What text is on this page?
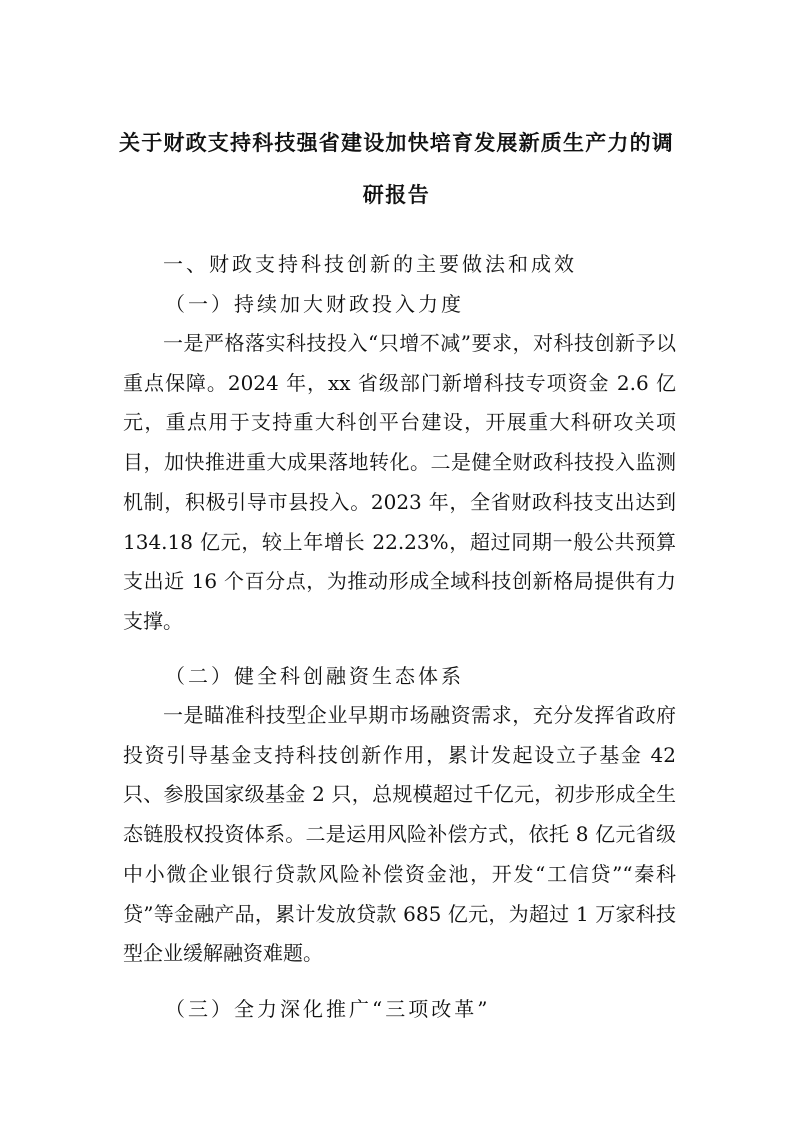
关于财政支持科技强省建设加快培育发展新质生产力的调
研报告

一、财政支持科技创新的主要做法和成效

（一）持续加大财政投入力度

一是严格落实科技投入“只增不减”要求，对科技创新予以重点保障。2024 年，xx 省级部门新增科技专项资金 2.6 亿元，重点用于支持重大科创平台建设，开展重大科研攻关项目，加快推进重大成果落地转化。二是健全财政科技投入监测机制，积极引导市县投入。2023 年，全省财政科技支出达到 134.18 亿元，较上年增长 22.23%，超过同期一般公共预算支出近 16 个百分点，为推动形成全域科技创新格局提供有力支撑。

（二）健全科创融资生态体系

一是瞄准科技型企业早期市场融资需求，充分发挥省政府投资引导基金支持科技创新作用，累计发起设立子基金 42 只、参股国家级基金 2 只，总规模超过千亿元，初步形成全生态链股权投资体系。二是运用风险补偿方式，依托 8 亿元省级中小微企业银行贷款风险补偿资金池，开发“工信贷”“秦科贷”等金融产品，累计发放贷款 685 亿元，为超过 1 万家科技型企业缓解融资难题。

（三）全力深化推广“三项改革”
